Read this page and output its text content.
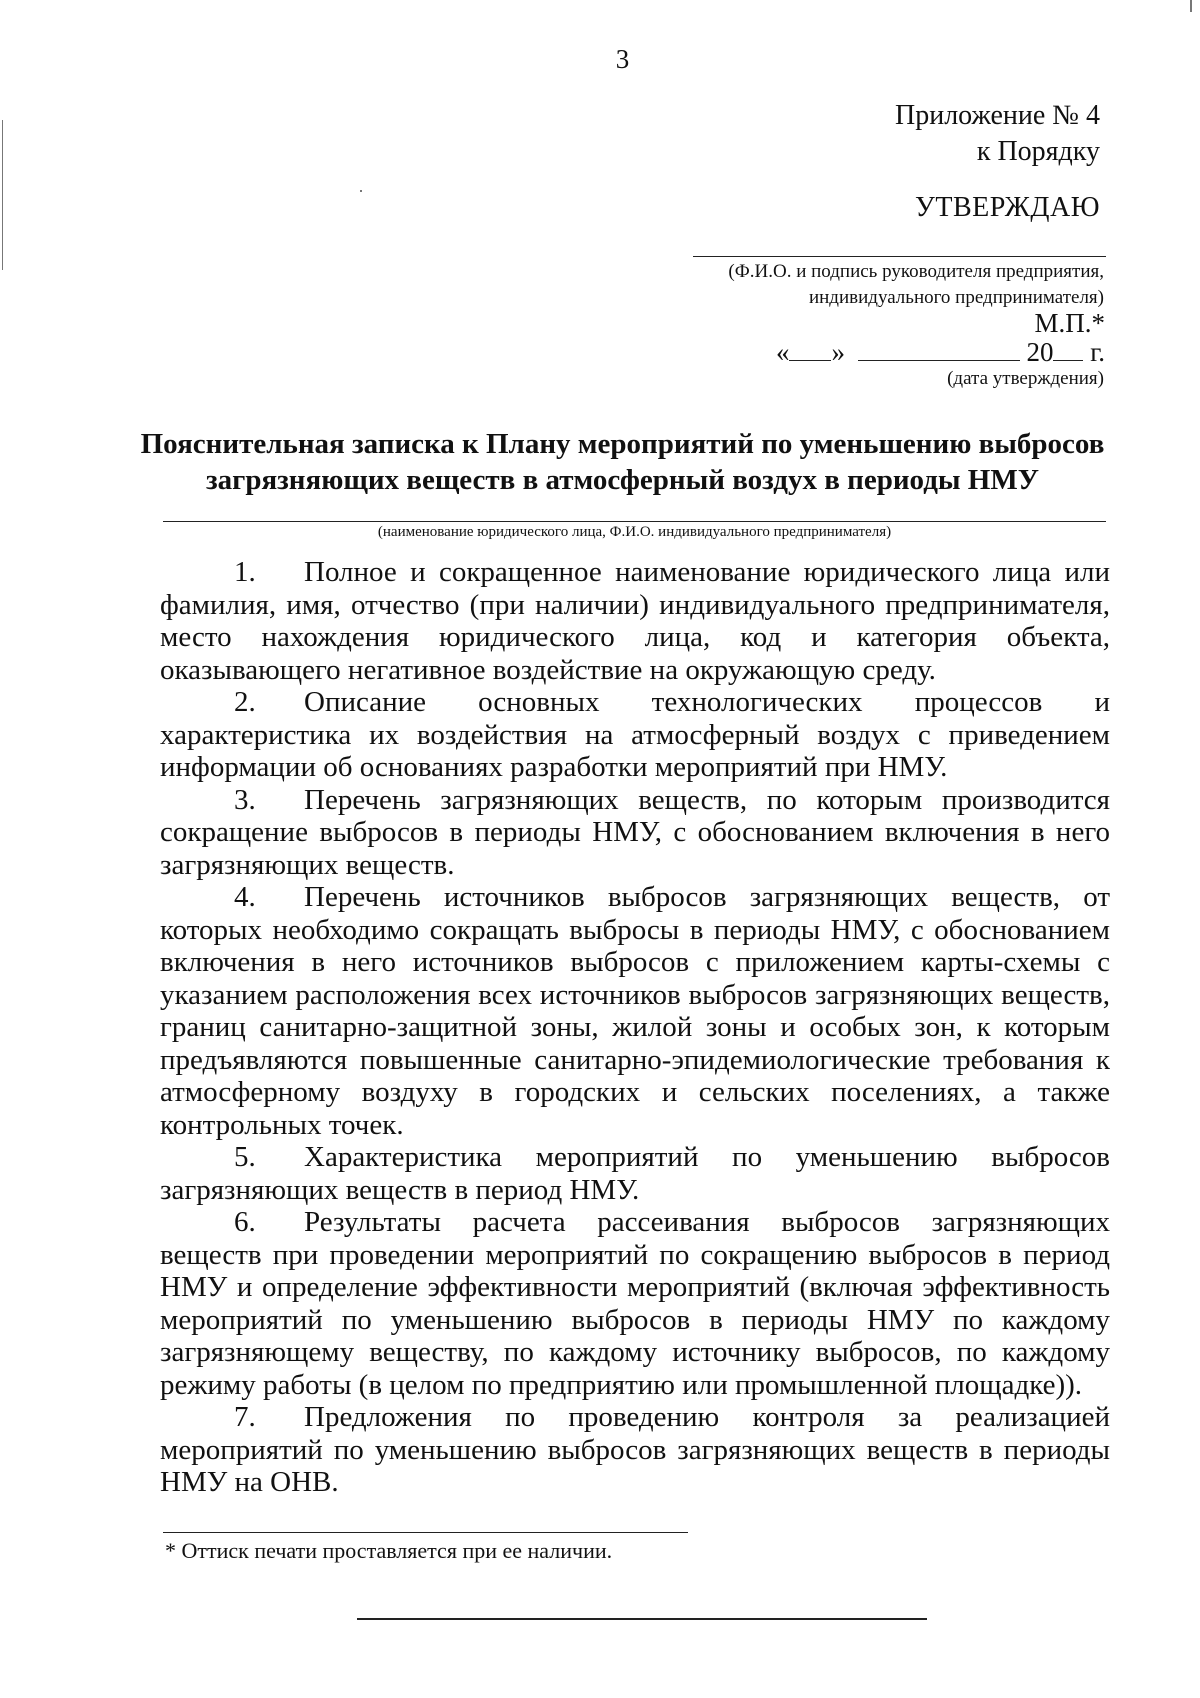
3
Приложение № 4
к Порядку
УТВЕРЖДАЮ
(Ф.И.О. и подпись руководителя предприятия,
индивидуального предпринимателя)
М.П.*
« »	20 г.
(дата утверждения)
Пояснительная записка к Плану мероприятий по уменьшению выбросов
загрязняющих веществ в атмосферный воздух в периоды НМУ
(наименование юридического лица, Ф.И.О. индивидуального предпринимателя)

1. Полное и сокращенное наименование юридического лица или фамилия, имя, отчество (при наличии) индивидуального предпринимателя, место нахождения юридического лица, код и категория объекта, оказывающего негативное воздействие на окружающую среду.

2. Описание основных технологических процессов и характеристика их воздействия на атмосферный воздух с приведением информации об основаниях разработки мероприятий при НМУ.

3. Перечень загрязняющих веществ, по которым производится сокращение выбросов в периоды НМУ, с обоснованием включения в него загрязняющих веществ.

4. Перечень источников выбросов загрязняющих веществ, от которых необходимо сокращать выбросы в периоды НМУ, с обоснованием включения в него источников выбросов с приложением карты-схемы с указанием расположения всех источников выбросов загрязняющих веществ, границ санитарно-защитной зоны, жилой зоны и особых зон, к которым предъявляются повышенные санитарно-эпидемиологические требования к атмосферному воздуху в городских и сельских поселениях, а также контрольных точек.

5. Характеристика мероприятий по уменьшению выбросов загрязняющих веществ в период НМУ.

6. Результаты расчета рассеивания выбросов загрязняющих веществ при проведении мероприятий по сокращению выбросов в период НМУ и определение эффективности мероприятий (включая эффективность мероприятий по уменьшению выбросов в периоды НМУ по каждому загрязняющему веществу, по каждому источнику выбросов, по каждому режиму работы (в целом по предприятию или промышленной площадке)).

7. Предложения по проведению контроля за реализацией мероприятий по уменьшению выбросов загрязняющих веществ в периоды НМУ на ОНВ.

* Оттиск печати проставляется при ее наличии.
